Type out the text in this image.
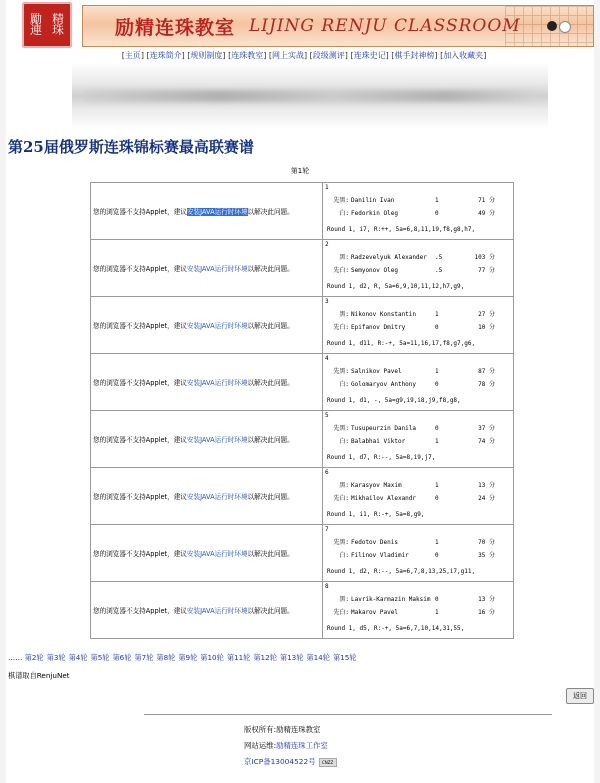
勵 精
連 珠	励精连珠教室 LIJING RENJU CLASSROOM
[主页] [连珠简介] [规则制度] [连珠教室] [网上实战] [段级测评] [连珠史记] [棋手封神榜] [加入收藏夹]
第25届俄罗斯连珠锦标赛最高联赛谱
第1轮
您的浏览器不支持Applet，建议安装JAVA运行时环境以解决此问题。	1
先黑: Danilin Ivan 1 71 分
白: Fedorkin Oleg 0 49 分
Round 1, i7, R:++, 5a=6,8,11,19,f8,g8,h7,

您的浏览器不支持Applet，建议安装JAVA运行时环境以解决此问题。	2
黑: Radzevelyuk Alexander .5 103 分
先白: Semyonov Oleg .5 77 分
Round 1, d2, R, 5a=6,9,10,11,12,h7,g9,

您的浏览器不支持Applet，建议安装JAVA运行时环境以解决此问题。	3
黑: Nikonov Konstantin 1 27 分
先白: Epifanov Dmitry 0 10 分
Round 1, d11, R:-+, 5a=11,16,17,f8,g7,g6,

您的浏览器不支持Applet，建议安装JAVA运行时环境以解决此问题。	4
先黑: Salnikov Pavel 1 87 分
白: Golomaryov Anthony 0 78 分
Round 1, d1, -, 5a=g9,i9,i8,j9,f8,g8,

您的浏览器不支持Applet，建议安装JAVA运行时环境以解决此问题。	5
先黑: Tusupeurzin Danila 0 37 分
白: Balabhai Viktor 1 74 分
Round 1, d7, R:--, 5a=8,i9,j7,

您的浏览器不支持Applet，建议安装JAVA运行时环境以解决此问题。	6
黑: Karasyov Maxim 1 13 分
先白: Mikhailov Alexandr 0 24 分
Round 1, i1, R:-+, 5a=8,g9,

您的浏览器不支持Applet，建议安装JAVA运行时环境以解决此问题。	7
先黑: Fedotov Denis 1 70 分
白: Filinov Vladimir 0 35 分
Round 1, d2, R:--, 5a=6,7,8,13,25,i7,g11,

您的浏览器不支持Applet，建议安装JAVA运行时环境以解决此问题。	8
黑: Lavrik-Karmazin Maksim 0 13 分
先白: Makarov Pavel 1 16 分
Round 1, d5, R:-+, 5a=6,7,10,14,31,55,
…… 第2轮 第3轮 第4轮 第5轮 第6轮 第7轮 第8轮 第9轮 第10轮 第11轮 第12轮 第13轮 第14轮 第15轮
棋谱取自RenjuNet
返回
版权所有:励精连珠教室
网站运维:励精连珠工作室
京ICP备13004522号 CNZZ
